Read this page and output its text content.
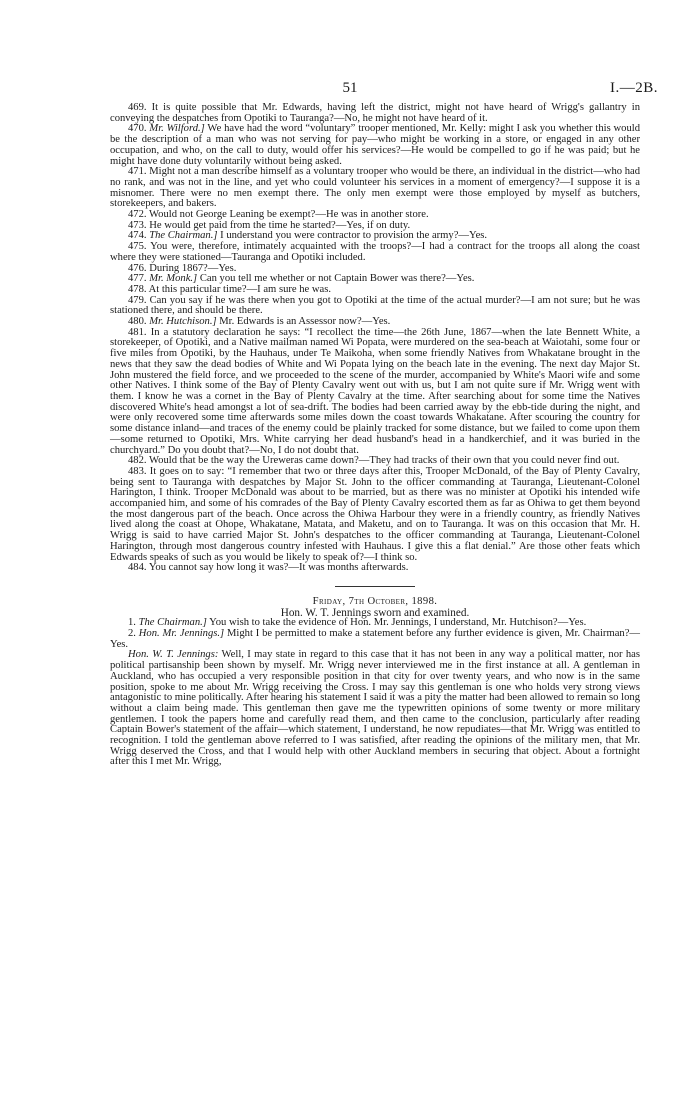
51	I.—2B.

469. It is quite possible that Mr. Edwards, having left the district, might not have heard of Wrigg's gallantry in conveying the despatches from Opotiki to Tauranga?—No, he might not have heard of it.

470. Mr. Wilford.] We have had the word “voluntary” trooper mentioned, Mr. Kelly: might I ask you whether this would be the description of a man who was not serving for pay—who might be working in a store, or engaged in any other occupation, and who, on the call to duty, would offer his services?—He would be compelled to go if he was paid; but he might have done duty voluntarily without being asked.

471. Might not a man describe himself as a voluntary trooper who would be there, an individual in the district—who had no rank, and was not in the line, and yet who could volunteer his services in a moment of emergency?—I suppose it is a misnomer. There were no men exempt there. The only men exempt were those employed by myself as butchers, storekeepers, and bakers.

472. Would not George Leaning be exempt?—He was in another store.

473. He would get paid from the time he started?—Yes, if on duty.

474. The Chairman.] I understand you were contractor to provision the army?—Yes.

475. You were, therefore, intimately acquainted with the troops?—I had a contract for the troops all along the coast where they were stationed—Tauranga and Opotiki included.

476. During 1867?—Yes.

477. Mr. Monk.] Can you tell me whether or not Captain Bower was there?—Yes.

478. At this particular time?—I am sure he was.

479. Can you say if he was there when you got to Opotiki at the time of the actual murder?—I am not sure; but he was stationed there, and should be there.

480. Mr. Hutchison.] Mr. Edwards is an Assessor now?—Yes.

481. In a statutory declaration he says: “I recollect the time—the 26th June, 1867—when the late Bennett White, a storekeeper, of Opotiki, and a Native mailman named Wi Popata, were murdered on the sea-beach at Waiotahi, some four or five miles from Opotiki, by the Hauhaus, under Te Maikoha, when some friendly Natives from Whakatane brought in the news that they saw the dead bodies of White and Wi Popata lying on the beach late in the evening. The next day Major St. John mustered the field force, and we proceeded to the scene of the murder, accompanied by White's Maori wife and some other Natives. I think some of the Bay of Plenty Cavalry went out with us, but I am not quite sure if Mr. Wrigg went with them. I know he was a cornet in the Bay of Plenty Cavalry at the time. After searching about for some time the Natives discovered White's head amongst a lot of sea-drift. The bodies had been carried away by the ebb-tide during the night, and were only recovered some time afterwards some miles down the coast towards Whakatane. After scouring the country for some distance inland—and traces of the enemy could be plainly tracked for some distance, but we failed to come upon them—some returned to Opotiki, Mrs. White carrying her dead husband's head in a handkerchief, and it was buried in the churchyard.” Do you doubt that?—No, I do not doubt that.

482. Would that be the way the Ureweras came down?—They had tracks of their own that you could never find out.

483. It goes on to say: “I remember that two or three days after this, Trooper McDonald, of the Bay of Plenty Cavalry, being sent to Tauranga with despatches by Major St. John to the officer commanding at Tauranga, Lieutenant-Colonel Harington, I think. Trooper McDonald was about to be married, but as there was no minister at Opotiki his intended wife accompanied him, and some of his comrades of the Bay of Plenty Cavalry escorted them as far as Ohiwa to get them beyond the most dangerous part of the beach. Once across the Ohiwa Harbour they were in a friendly country, as friendly Natives lived along the coast at Ohope, Whakatane, Matata, and Maketu, and on to Tauranga. It was on this occasion that Mr. H. Wrigg is said to have carried Major St. John's despatches to the officer commanding at Tauranga, Lieutenant-Colonel Harington, through most dangerous country infested with Hauhaus. I give this a flat denial.” Are those other feats which Edwards speaks of such as you would be likely to speak of?—I think so.

484. You cannot say how long it was?—It was months afterwards.

Friday, 7th October, 1898.

Hon. W. T. Jennings sworn and examined.

1. The Chairman.] You wish to take the evidence of Hon. Mr. Jennings, I understand, Mr. Hutchison?—Yes.

2. Hon. Mr. Jennings.] Might I be permitted to make a statement before any further evidence is given, Mr. Chairman?—Yes.

Hon. W. T. Jennings: Well, I may state in regard to this case that it has not been in any way a political matter, nor has political partisanship been shown by myself. Mr. Wrigg never interviewed me in the first instance at all. A gentleman in Auckland, who has occupied a very responsible position in that city for over twenty years, and who now is in the same position, spoke to me about Mr. Wrigg receiving the Cross. I may say this gentleman is one who holds very strong views antagonistic to mine politically. After hearing his statement I said it was a pity the matter had been allowed to remain so long without a claim being made. This gentleman then gave me the typewritten opinions of some twenty or more military gentlemen. I took the papers home and carefully read them, and then came to the conclusion, particularly after reading Captain Bower's statement of the affair—which statement, I understand, he now repudiates—that Mr. Wrigg was entitled to recognition. I told the gentleman above referred to I was satisfied, after reading the opinions of the military men, that Mr. Wrigg deserved the Cross, and that I would help with other Auckland members in securing that object. About a fortnight after this I met Mr. Wrigg,
